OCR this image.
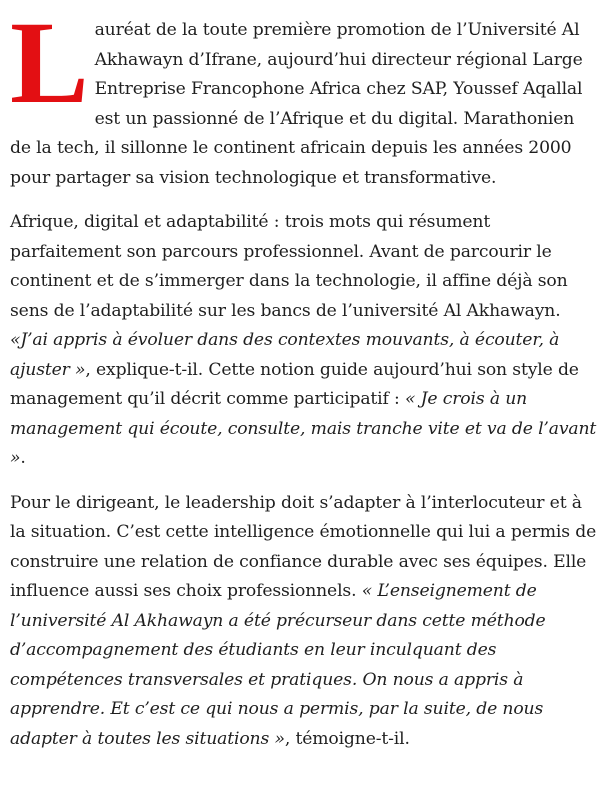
Lauréat de la toute première promotion de l’Université Al Akhawayn d’Ifrane, aujourd’hui directeur régional Large Entreprise Francophone Africa chez SAP, Youssef Aqallal est un passionné de l’Afrique et du digital. Marathonien de la tech, il sillonne le continent africain depuis les années 2000 pour partager sa vision technologique et transformative.

Afrique, digital et adaptabilité : trois mots qui résument parfaitement son parcours professionnel. Avant de parcourir le continent et de s’immerger dans la technologie, il affine déjà son sens de l’adaptabilité sur les bancs de l’université Al Akhawayn. «J’ai appris à évoluer dans des contextes mouvants, à écouter, à ajuster », explique-t-il. Cette notion guide aujourd’hui son style de management qu’il décrit comme participatif : « Je crois à un management qui écoute, consulte, mais tranche vite et va de l’avant ».

Pour le dirigeant, le leadership doit s’adapter à l’interlocuteur et à la situation. C’est cette intelligence émotionnelle qui lui a permis de construire une relation de confiance durable avec ses équipes. Elle influence aussi ses choix professionnels. « L’enseignement de l’université Al Akhawayn a été précurseur dans cette méthode d’accompagnement des étudiants en leur inculquant des compétences transversales et pratiques. On nous a appris à apprendre. Et c’est ce qui nous a permis, par la suite, de nous adapter à toutes les situations », témoigne-t-il.
